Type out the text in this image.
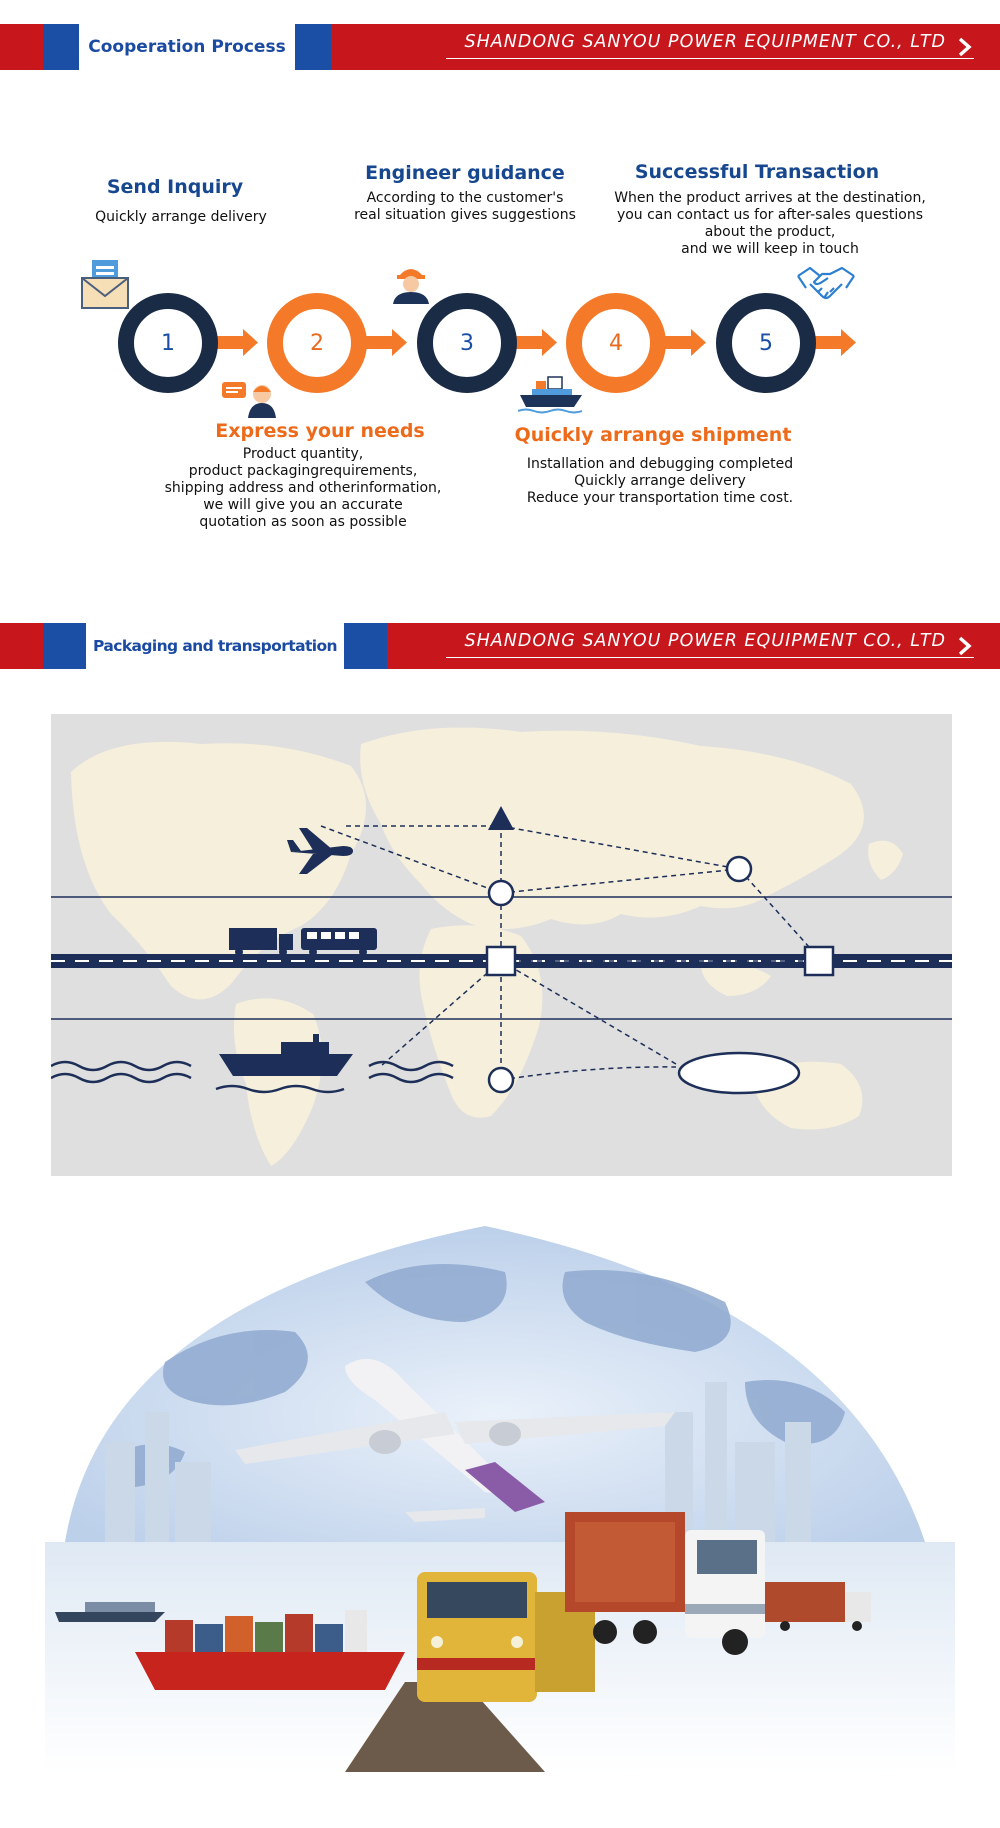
Cooperation Process	SHANDONG SANYOU POWER EQUIPMENT CO., LTD
1	2	3	4	5
Send Inquiry
Express your needs
Engineer guidance
Quickly arrange shipment
Successful Transaction
Quickly arrange delivery
Product quantity,
product packagingrequirements,
shipping address and otherinformation,
we will give you an accurate
quotation as soon as possible
According to the customer's
real situation gives suggestions
Installation and debugging completed
Quickly arrange delivery
Reduce your transportation time cost.
When the product arrives at the destination,
you can contact us for after-sales questions
about the product,
and we will keep in touch
Packaging and transportation	SHANDONG SANYOU POWER EQUIPMENT CO., LTD
